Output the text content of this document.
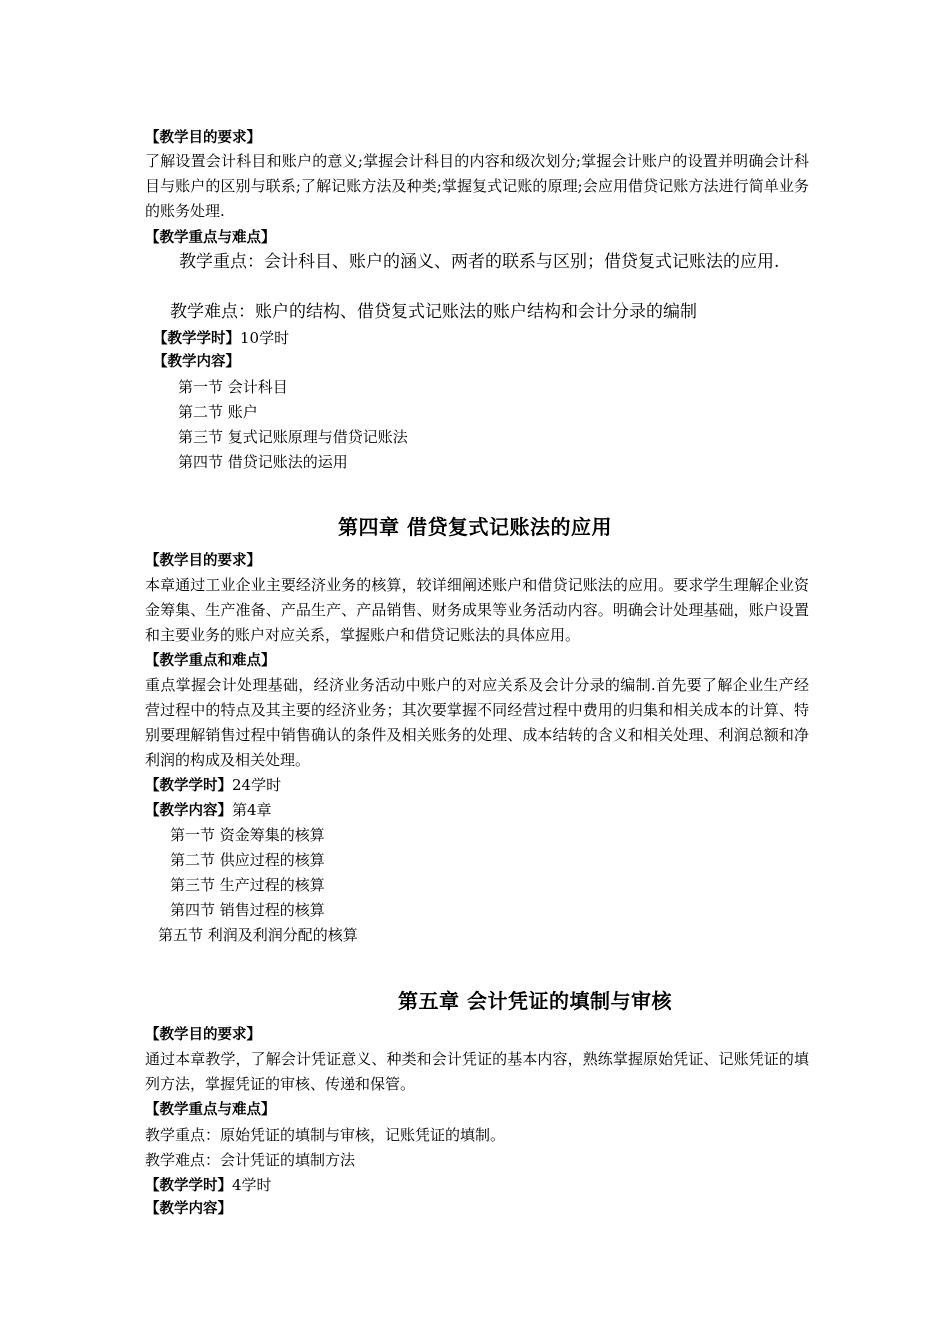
【教学目的要求】
了解设置会计科目和账户的意义;掌握会计科目的内容和级次划分;掌握会计账户的设置并明确会计科目与账户的区别与联系;了解记账方法及种类;掌握复式记账的原理;会应用借贷记账方法进行简单业务的账务处理.
【教学重点与难点】
教学重点：会计科目、账户的涵义、两者的联系与区别；借贷复式记账法的应用.
教学难点：账户的结构、借贷复式记账法的账户结构和会计分录的编制
【教学学时】10学时
【教学内容】
第一节 会计科目
第二节 账户
第三节 复式记账原理与借贷记账法
第四节 借贷记账法的运用
第四章 借贷复式记账法的应用
【教学目的要求】
本章通过工业企业主要经济业务的核算，较详细阐述账户和借贷记账法的应用。要求学生理解企业资金筹集、生产准备、产品生产、产品销售、财务成果等业务活动内容。明确会计处理基础，账户设置和主要业务的账户对应关系，掌握账户和借贷记账法的具体应用。
【教学重点和难点】
重点掌握会计处理基础，经济业务活动中账户的对应关系及会计分录的编制.首先要了解企业生产经营过程中的特点及其主要的经济业务；其次要掌握不同经营过程中费用的归集和相关成本的计算、特别要理解销售过程中销售确认的条件及相关账务的处理、成本结转的含义和相关处理、利润总额和净利润的构成及相关处理。
【教学学时】24学时
【教学内容】第4章
第一节 资金筹集的核算
第二节 供应过程的核算
第三节 生产过程的核算
第四节 销售过程的核算
第五节 利润及利润分配的核算
第五章 会计凭证的填制与审核
【教学目的要求】
通过本章教学，了解会计凭证意义、种类和会计凭证的基本内容，熟练掌握原始凭证、记账凭证的填列方法，掌握凭证的审核、传递和保管。
【教学重点与难点】
教学重点：原始凭证的填制与审核，记账凭证的填制。
教学难点：会计凭证的填制方法
【教学学时】4学时
【教学内容】
